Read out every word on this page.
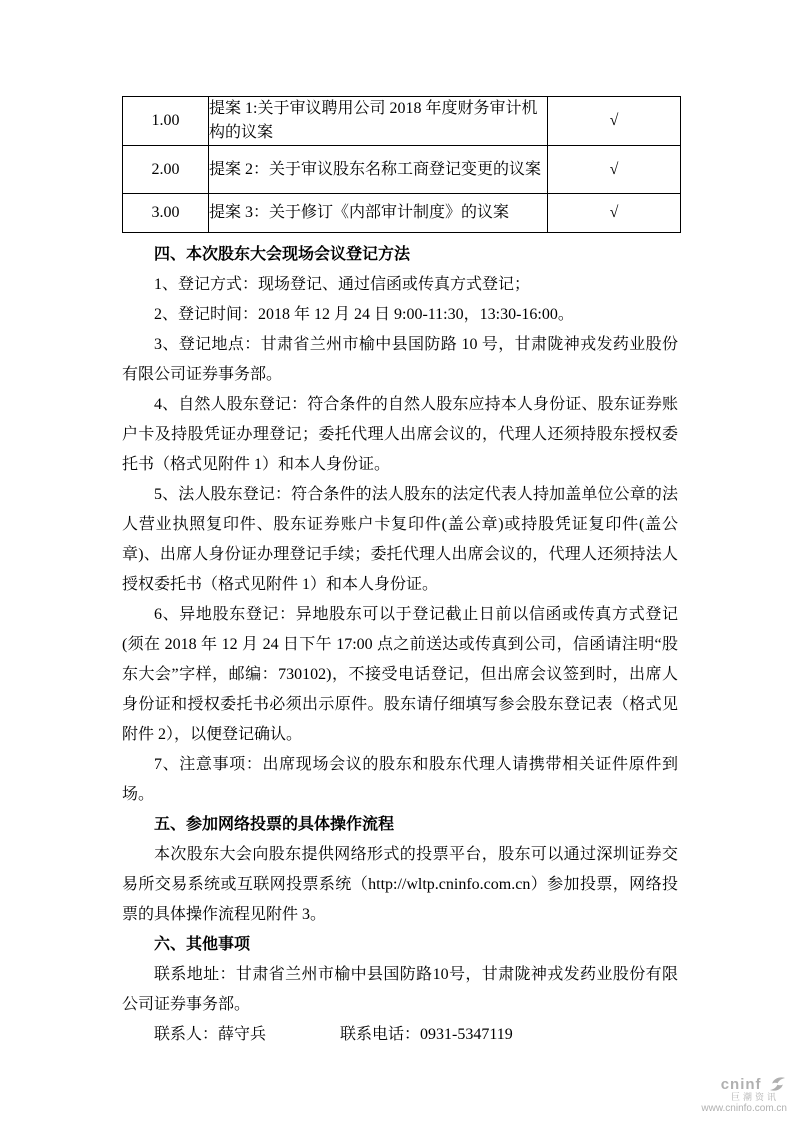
1.00	提案 1:关于审议聘用公司 2018 年度财务审计机构的议案	√
2.00	提案 2：关于审议股东名称工商登记变更的议案	√
3.00	提案 3：关于修订《内部审计制度》的议案	√
四、本次股东大会现场会议登记方法

1、登记方式：现场登记、通过信函或传真方式登记；

2、登记时间：2018 年 12 月 24 日 9:00-11:30，13:30-16:00。

3、登记地点：甘肃省兰州市榆中县国防路 10 号，甘肃陇神戎发药业股份有限公司证券事务部。

4、自然人股东登记：符合条件的自然人股东应持本人身份证、股东证券账户卡及持股凭证办理登记；委托代理人出席会议的，代理人还须持股东授权委托书（格式见附件 1）和本人身份证。

5、法人股东登记：符合条件的法人股东的法定代表人持加盖单位公章的法人营业执照复印件、股东证券账户卡复印件(盖公章)或持股凭证复印件(盖公章)、出席人身份证办理登记手续；委托代理人出席会议的，代理人还须持法人授权委托书（格式见附件 1）和本人身份证。

6、异地股东登记：异地股东可以于登记截止日前以信函或传真方式登记(须在 2018 年 12 月 24 日下午 17:00 点之前送达或传真到公司，信函请注明“股东大会”字样，邮编：730102)，不接受电话登记，但出席会议签到时，出席人身份证和授权委托书必须出示原件。股东请仔细填写参会股东登记表（格式见附件 2），以便登记确认。

7、注意事项：出席现场会议的股东和股东代理人请携带相关证件原件到场。

五、参加网络投票的具体操作流程

本次股东大会向股东提供网络形式的投票平台，股东可以通过深圳证券交易所交易系统或互联网投票系统（http://wltp.cninfo.com.cn）参加投票，网络投票的具体操作流程见附件 3。

六、其他事项

联系地址：甘肃省兰州市榆中县国防路10号，甘肃陇神戎发药业股份有限公司证券事务部。

联系人：薛守兵	联系电话：0931-5347119

cninf
巨潮资讯
www.cninfo.com.cn
